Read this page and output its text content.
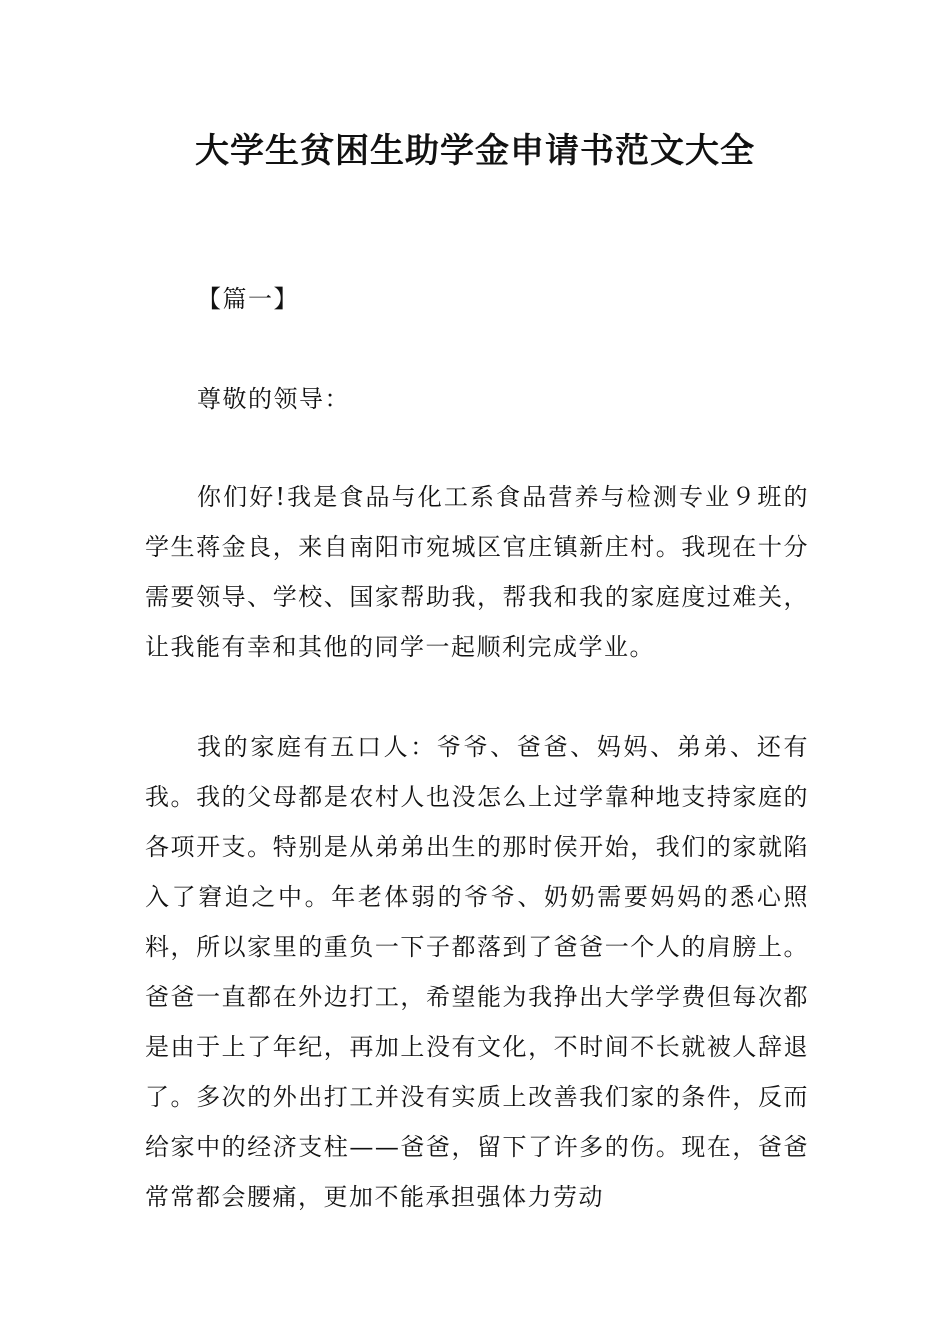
大学生贫困生助学金申请书范文大全

【篇一】

尊敬的领导：

你们好!我是食品与化工系食品营养与检测专业９班的学生蒋金良，来自南阳市宛城区官庄镇新庄村。我现在十分需要领导、学校、国家帮助我，帮我和我的家庭度过难关，让我能有幸和其他的同学一起顺利完成学业。

我的家庭有五口人：爷爷、爸爸、妈妈、弟弟、还有我。我的父母都是农村人也没怎么上过学靠种地支持家庭的各项开支。特别是从弟弟出生的那时侯开始，我们的家就陷入了窘迫之中。年老体弱的爷爷、奶奶需要妈妈的悉心照料，所以家里的重负一下子都落到了爸爸一个人的肩膀上。爸爸一直都在外边打工，希望能为我挣出大学学费但每次都是由于上了年纪，再加上没有文化，不时间不长就被人辞退了。多次的外出打工并没有实质上改善我们家的条件，反而给家中的经济支柱——爸爸，留下了许多的伤。现在，爸爸常常都会腰痛，更加不能承担强体力劳动
